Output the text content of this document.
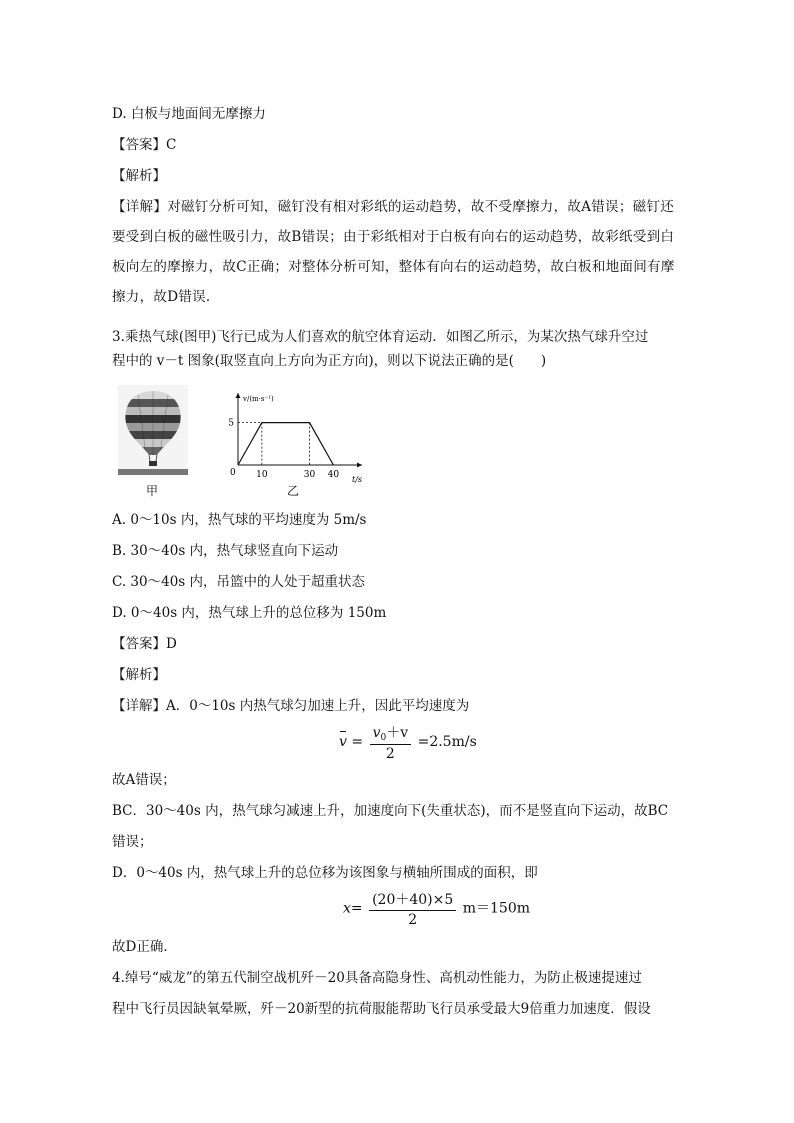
D. 白板与地面间无摩擦力
【答案】C
【解析】
【详解】对磁钉分析可知，磁钉没有相对彩纸的运动趋势，故不受摩擦力，故A错误；磁钉还要受到白板的磁性吸引力，故B错误；由于彩纸相对于白板有向右的运动趋势，故彩纸受到白板向左的摩擦力，故C正确；对整体分析可知，整体有向右的运动趋势，故白板和地面间有摩擦力，故D错误．
3.乘热气球(图甲)飞行已成为人们喜欢的航空体育运动．如图乙所示，为某次热气球升空过
程中的 v－t 图象(取竖直向上方向为正方向)，则以下说法正确的是(　　)
甲
10	30 40
5
v/(m·s⁻¹)
t/s
0
乙
A. 0～10s 内，热气球的平均速度为 5m/s
B. 30～40s 内，热气球竖直向下运动
C. 30～40s 内，吊篮中的人处于超重状态
D. 0～40s 内，热气球上升的总位移为 150m
【答案】D
【解析】
【详解】A．0～10s 内热气球匀加速上升，因此平均速度为
$v = \frac{v_0+v}{2} =2.5m/s$
故A错误；
BC．30～40s 内，热气球匀减速上升，加速度向下(失重状态)，而不是竖直向下运动，故BC
错误；
D．0～40s 内，热气球上升的总位移为该图象与横轴所围成的面积，即
$x= \frac{(20+40)\times 5}{2} m=150m$
故D正确．
4.绰号“威龙”的第五代制空战机歼－20具备高隐身性、高机动性能力，为防止极速提速过
程中飞行员因缺氧晕厥，歼－20新型的抗荷服能帮助飞行员承受最大9倍重力加速度．假设
